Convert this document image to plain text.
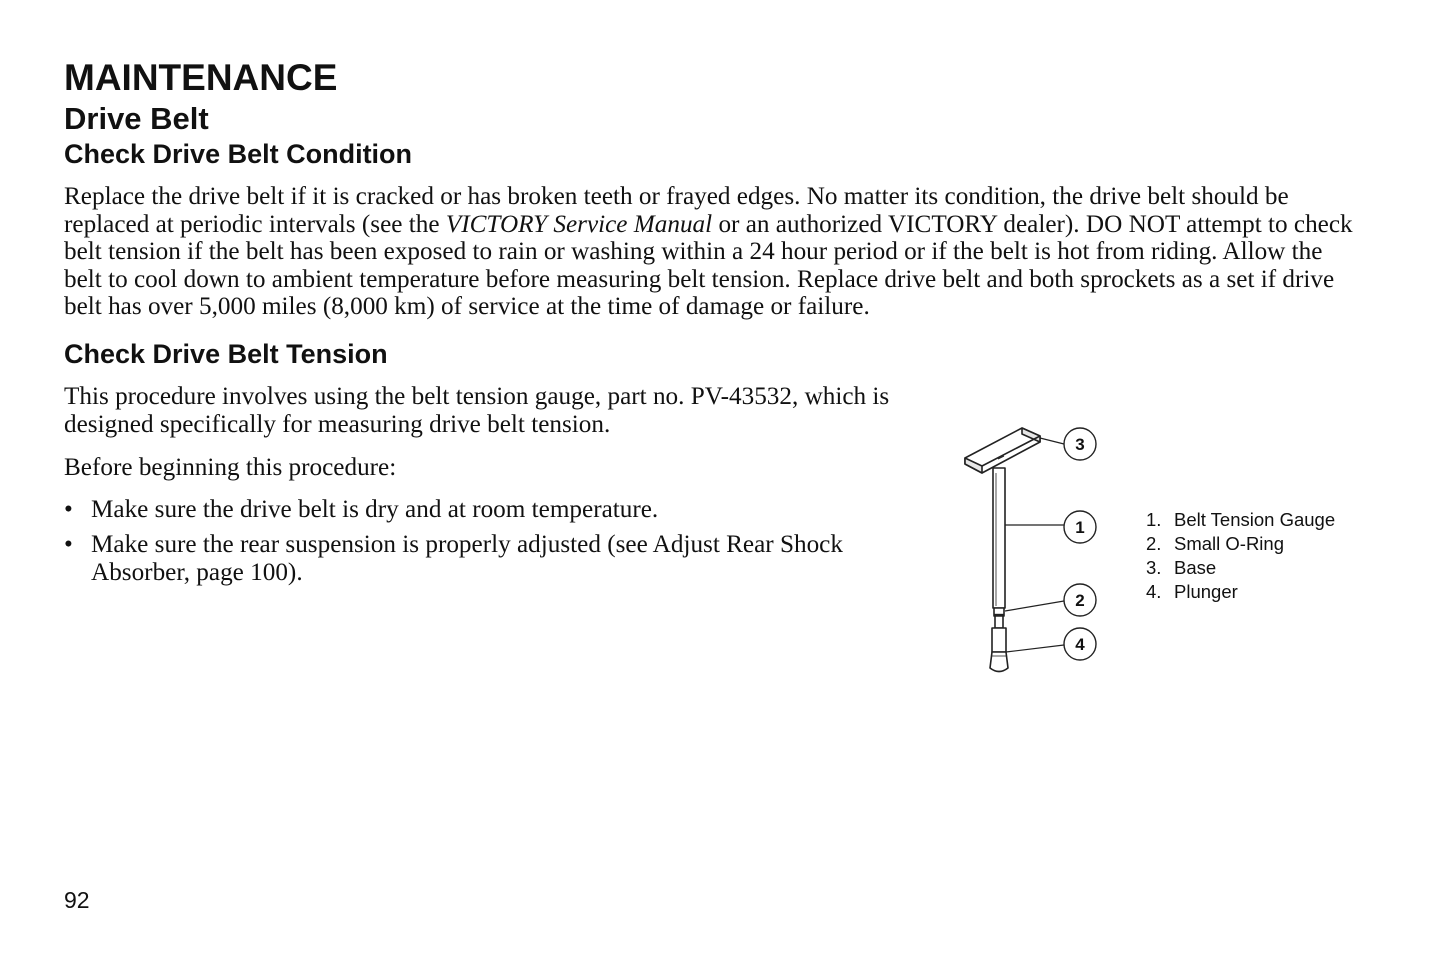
MAINTENANCE
Drive Belt
Check Drive Belt Condition

Replace the drive belt if it is cracked or has broken teeth or frayed edges. No matter its condition, the drive belt should be replaced at periodic intervals (see the VICTORY Service Manual or an authorized VICTORY dealer). DO NOT attempt to check belt tension if the belt has been exposed to rain or washing within a 24 hour period or if the belt is hot from riding. Allow the belt to cool down to ambient temperature before measuring belt tension. Replace drive belt and both sprockets as a set if drive belt has over 5,000 miles (8,000 km) of service at the time of damage or failure.

Check Drive Belt Tension

This procedure involves using the belt tension gauge, part no. PV-43532, which is designed specifically for measuring drive belt tension.

Before beginning this procedure:

• Make sure the drive belt is dry and at room temperature.
• Make sure the rear suspension is properly adjusted (see Adjust Rear Shock Absorber, page 100).
3
1
2
4
1. Belt Tension Gauge
2. Small O-Ring
3. Base
4. Plunger
92
